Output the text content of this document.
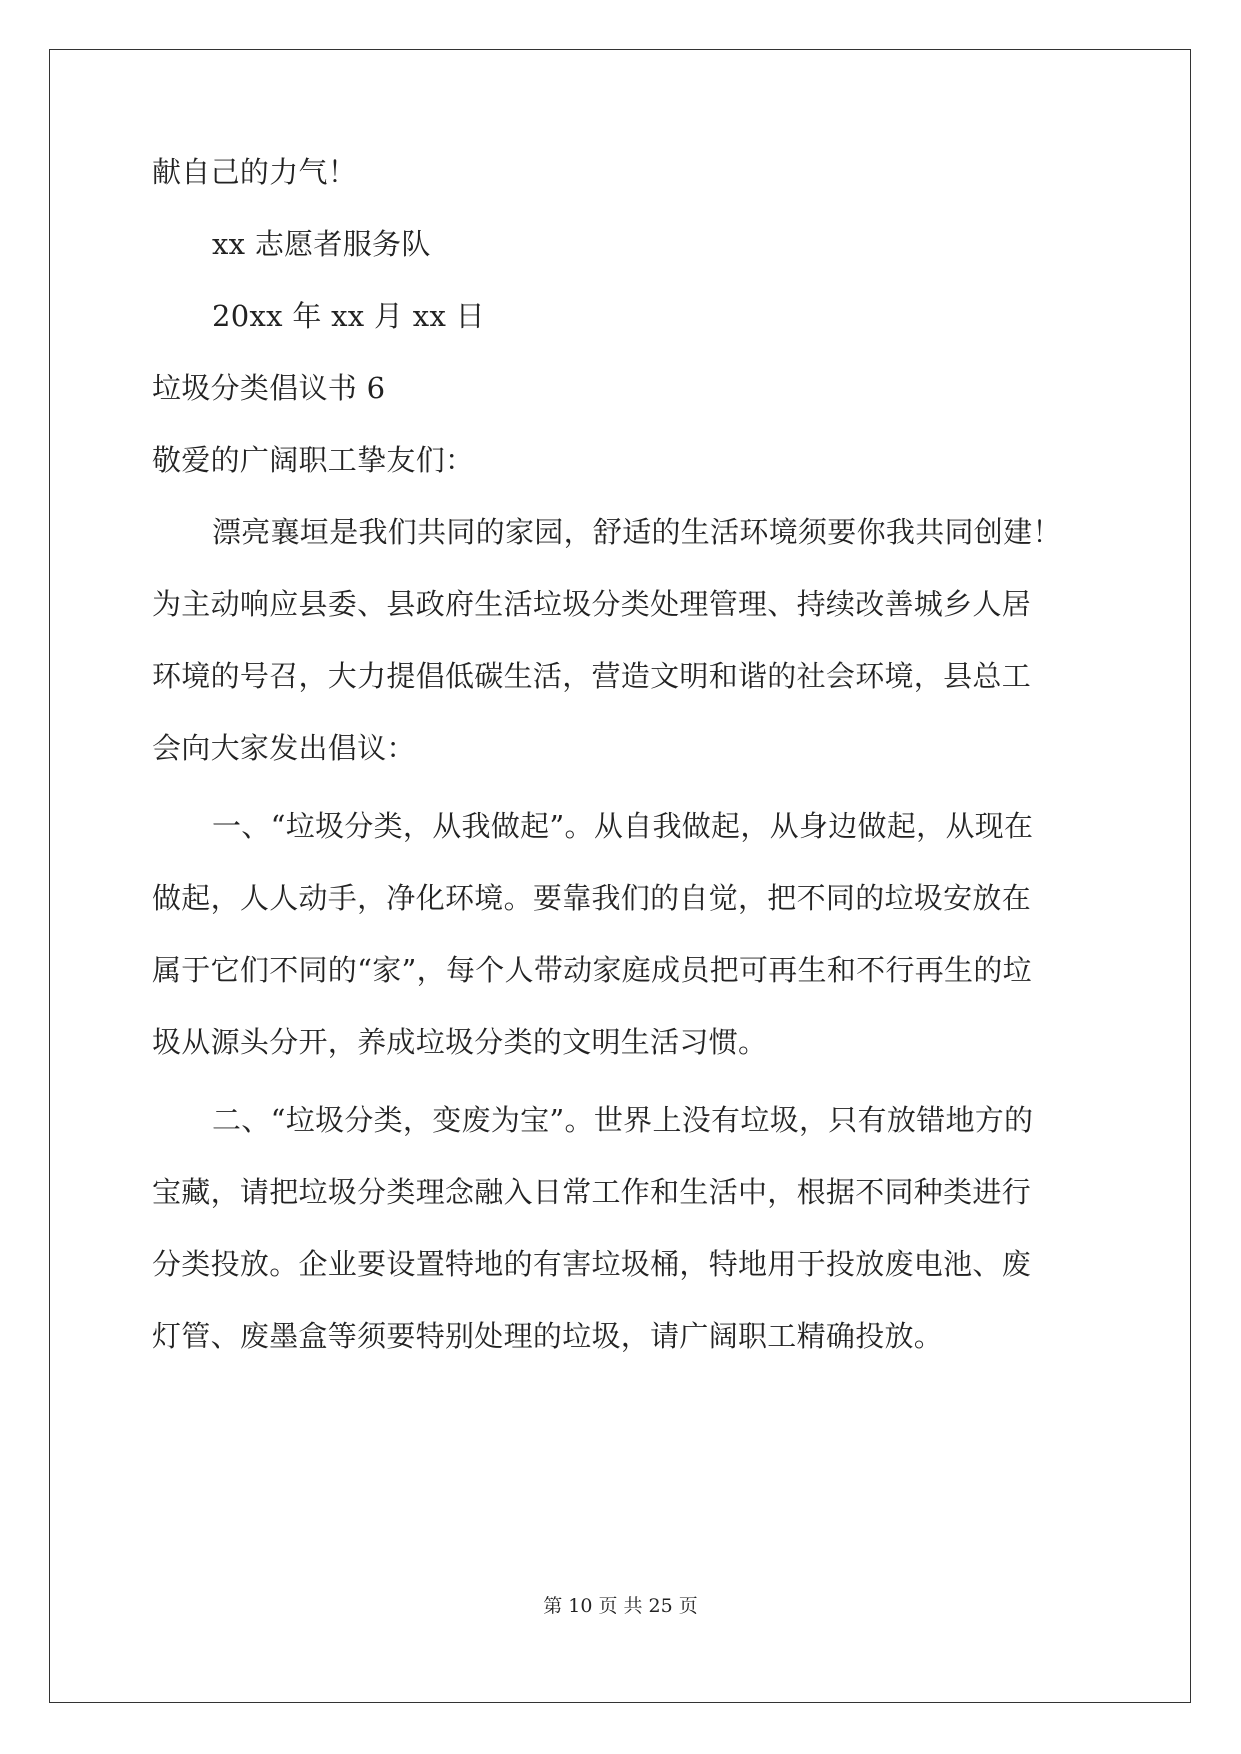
献自己的力气！
xx 志愿者服务队
20xx 年 xx 月 xx 日
垃圾分类倡议书 6
敬爱的广阔职工挚友们：
漂亮襄垣是我们共同的家园，舒适的生活环境须要你我共同创建！
为主动响应县委、县政府生活垃圾分类处理管理、持续改善城乡人居
环境的号召，大力提倡低碳生活，营造文明和谐的社会环境，县总工
会向大家发出倡议：
一、“垃圾分类，从我做起”。从自我做起，从身边做起，从现在
做起，人人动手，净化环境。要靠我们的自觉，把不同的垃圾安放在
属于它们不同的“家”，每个人带动家庭成员把可再生和不行再生的垃
圾从源头分开，养成垃圾分类的文明生活习惯。
二、“垃圾分类，变废为宝”。世界上没有垃圾，只有放错地方的
宝藏，请把垃圾分类理念融入日常工作和生活中，根据不同种类进行
分类投放。企业要设置特地的有害垃圾桶，特地用于投放废电池、废
灯管、废墨盒等须要特别处理的垃圾，请广阔职工精确投放。
第 10 页 共 25 页
